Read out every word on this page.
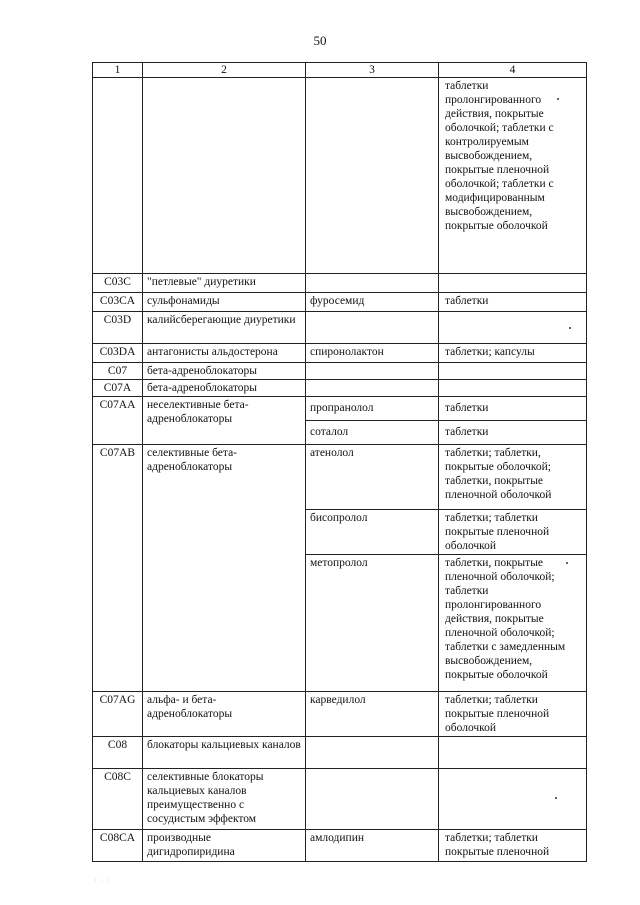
50
1	2	3	4
			таблетки пролонгированного действия, покрытые оболочкой; таблетки с контролируемым высвобождением, покрытые пленочной оболочкой; таблетки с модифицированным высвобождением, покрытые оболочкой
C03C	"петлевые" диуретики		
C03CA	сульфонамиды	фуросемид	таблетки
C03D	калийсберегающие диуретики		
C03DA	антагонисты альдостерона	спиронолактон	таблетки; капсулы
C07	бета-адреноблокаторы		
C07A	бета-адреноблокаторы		
C07AA	неселективные бета-адреноблокаторы	пропранолол	таблетки
		соталол	таблетки
C07AB	селективные бета-адреноблокаторы	атенолол	таблетки; таблетки, покрытые оболочкой; таблетки, покрытые пленочной оболочкой
		бисопролол	таблетки; таблетки покрытые пленочной оболочкой
		метопролол	таблетки, покрытые пленочной оболочкой; таблетки пролонгированного действия, покрытые пленочной оболочкой; таблетки с замедленным высвобождением, покрытые оболочкой
C07AG	альфа- и бета-адреноблокаторы	карведилол	таблетки; таблетки покрытые пленочной оболочкой
C08	блокаторы кальциевых каналов		
C08C	селективные блокаторы кальциевых каналов преимущественно с сосудистым эффектом		
C08CA	производные дигидропиридина	амлодипин	таблетки; таблетки покрытые пленочной
· · ·
